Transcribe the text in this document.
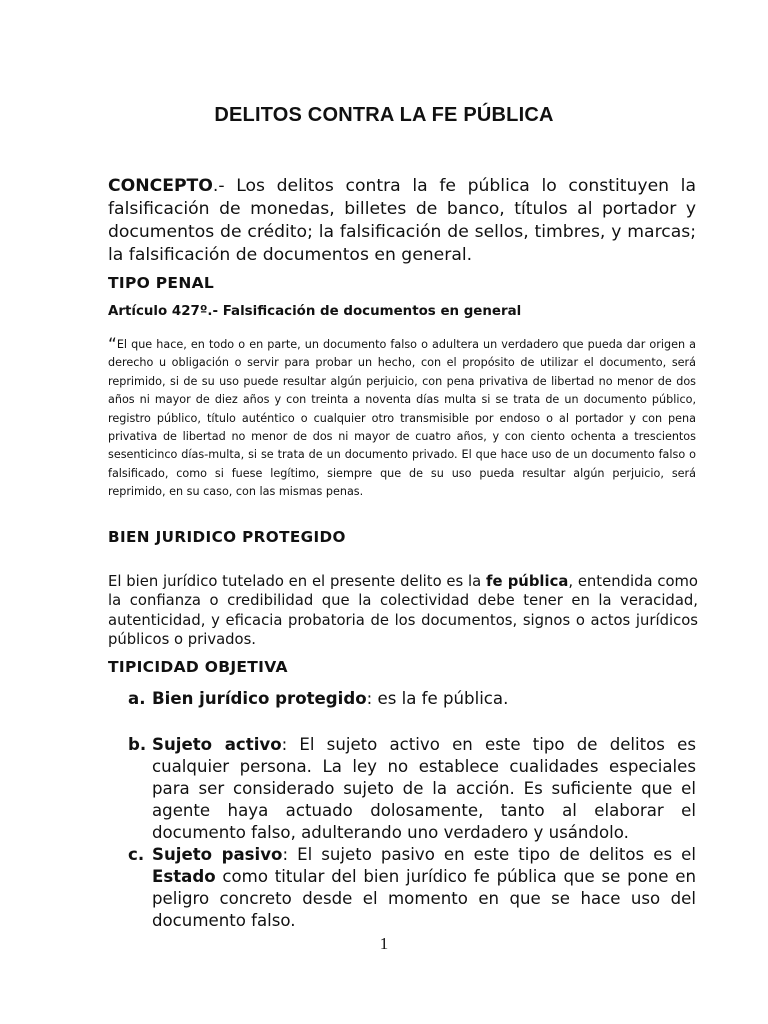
DELITOS CONTRA LA FE PÚBLICA

CONCEPTO.- Los delitos contra la fe pública lo constituyen la falsificación de monedas, billetes de banco, títulos al portador y documentos de crédito; la falsificación de sellos, timbres, y marcas; la falsificación de documentos en general.

TIPO PENAL
Artículo 427º.- Falsificación de documentos en general

“El que hace, en todo o en parte, un documento falso o adultera un verdadero que pueda dar origen a derecho u obligación o servir para probar un hecho, con el propósito de utilizar el documento, será reprimido, si de su uso puede resultar algún perjuicio, con pena privativa de libertad no menor de dos años ni mayor de diez años y con treinta a noventa días multa si se trata de un documento público, registro público, título auténtico o cualquier otro transmisible por endoso o al portador y con pena privativa de libertad no menor de dos ni mayor de cuatro años, y con ciento ochenta a trescientos sesenticinco días-multa, si se trata de un documento privado. El que hace uso de un documento falso o falsificado, como si fuese legítimo, siempre que de su uso pueda resultar algún perjuicio, será reprimido, en su caso, con las mismas penas.

BIEN JURIDICO PROTEGIDO

El bien jurídico tutelado en el presente delito es la fe pública, entendida como la confianza o credibilidad que la colectividad debe tener en la veracidad, autenticidad, y eficacia probatoria de los documentos, signos o actos jurídicos públicos o privados.

TIPICIDAD OBJETIVA
a. Bien jurídico protegido: es la fe pública.
b. Sujeto activo: El sujeto activo en este tipo de delitos es cualquier persona. La ley no establece cualidades especiales para ser considerado sujeto de la acción. Es suficiente que el agente haya actuado dolosamente, tanto al elaborar el documento falso, adulterando uno verdadero y usándolo.
c. Sujeto pasivo: El sujeto pasivo en este tipo de delitos es el Estado como titular del bien jurídico fe pública que se pone en peligro concreto desde el momento en que se hace uso del documento falso.
1
